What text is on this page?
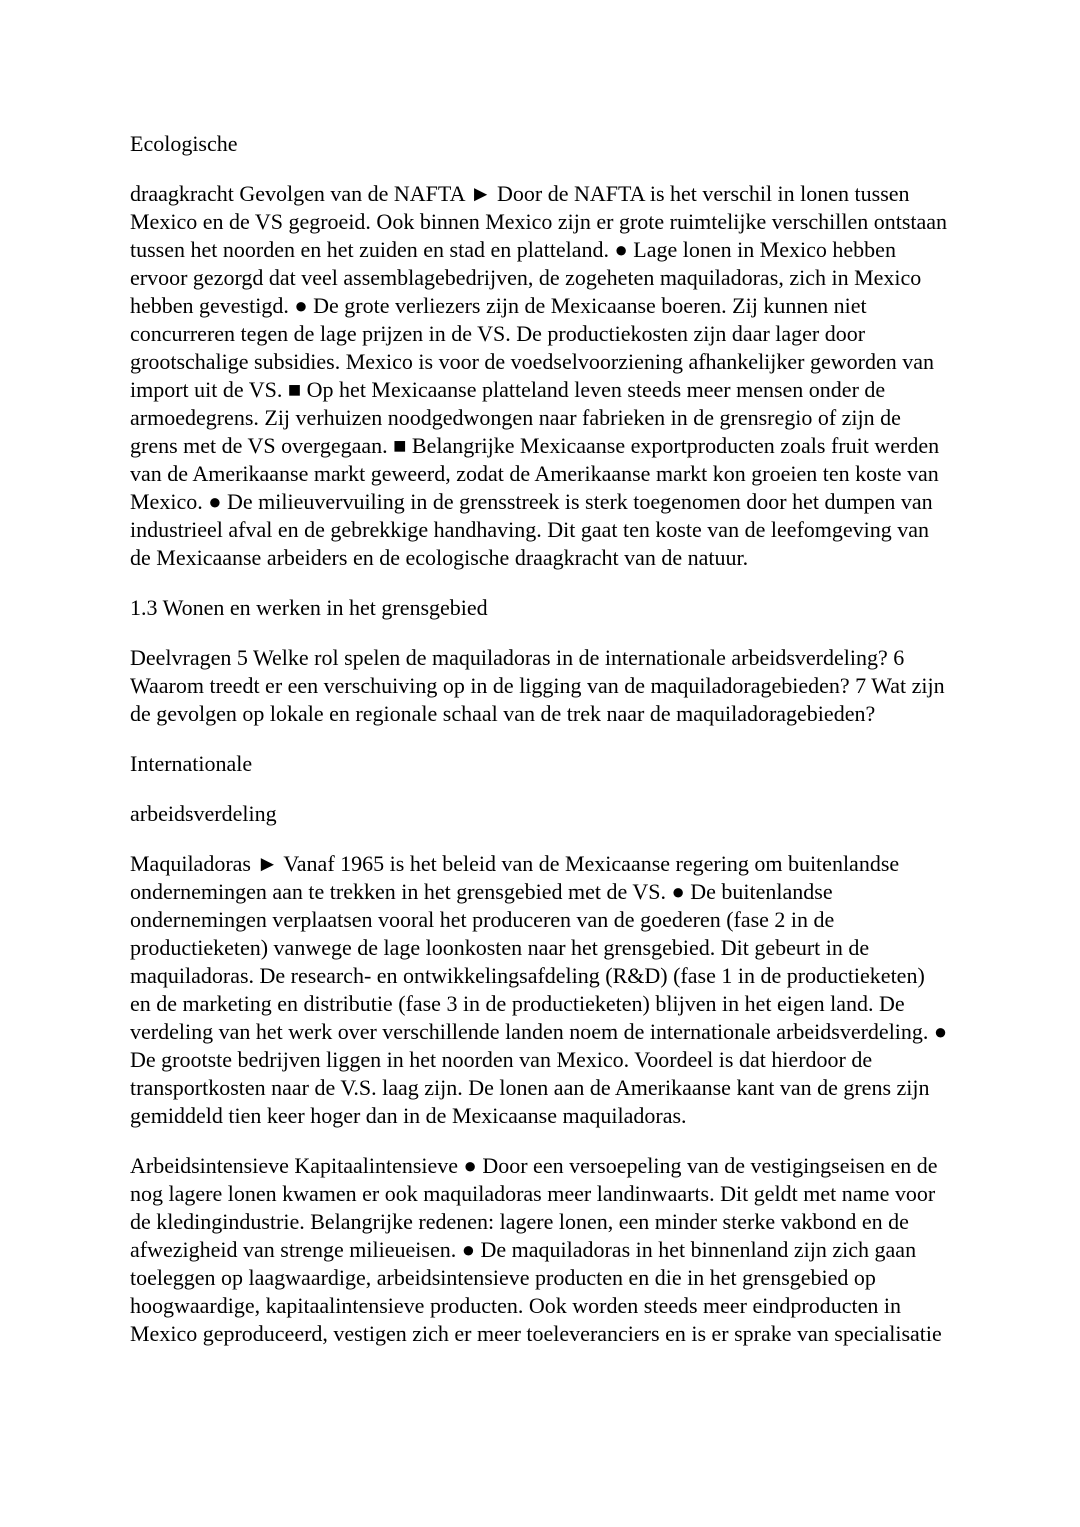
Ecologische

draagkracht Gevolgen van de NAFTA ► Door de NAFTA is het verschil in lonen tussen Mexico en de VS gegroeid. Ook binnen Mexico zijn er grote ruimtelijke verschillen ontstaan tussen het noorden en het zuiden en stad en platteland. ● Lage lonen in Mexico hebben ervoor gezorgd dat veel assemblagebedrijven, de zogeheten maquiladoras, zich in Mexico hebben gevestigd. ● De grote verliezers zijn de Mexicaanse boeren. Zij kunnen niet concurreren tegen de lage prijzen in de VS. De productiekosten zijn daar lager door grootschalige subsidies. Mexico is voor de voedselvoorziening afhankelijker geworden van import uit de VS. ■ Op het Mexicaanse platteland leven steeds meer mensen onder de armoedegrens. Zij verhuizen noodgedwongen naar fabrieken in de grensregio of zijn de grens met de VS overgegaan. ■ Belangrijke Mexicaanse exportproducten zoals fruit werden van de Amerikaanse markt geweerd, zodat de Amerikaanse markt kon groeien ten koste van Mexico. ● De milieuvervuiling in de grensstreek is sterk toegenomen door het dumpen van industrieel afval en de gebrekkige handhaving. Dit gaat ten koste van de leefomgeving van de Mexicaanse arbeiders en de ecologische draagkracht van de natuur.

1.3 Wonen en werken in het grensgebied

Deelvragen 5 Welke rol spelen de maquiladoras in de internationale arbeidsverdeling? 6 Waarom treedt er een verschuiving op in de ligging van de maquiladoragebieden? 7 Wat zijn de gevolgen op lokale en regionale schaal van de trek naar de maquiladoragebieden?

Internationale

arbeidsverdeling

Maquiladoras ► Vanaf 1965 is het beleid van de Mexicaanse regering om buitenlandse ondernemingen aan te trekken in het grensgebied met de VS. ● De buitenlandse ondernemingen verplaatsen vooral het produceren van de goederen (fase 2 in de productieketen) vanwege de lage loonkosten naar het grensgebied. Dit gebeurt in de maquiladoras. De research- en ontwikkelingsafdeling (R&D) (fase 1 in de productieketen) en de marketing en distributie (fase 3 in de productieketen) blijven in het eigen land. De verdeling van het werk over verschillende landen noem de internationale arbeidsverdeling. ● De grootste bedrijven liggen in het noorden van Mexico. Voordeel is dat hierdoor de transportkosten naar de V.S. laag zijn. De lonen aan de Amerikaanse kant van de grens zijn gemiddeld tien keer hoger dan in de Mexicaanse maquiladoras.

Arbeidsintensieve Kapitaalintensieve ● Door een versoepeling van de vestigingseisen en de nog lagere lonen kwamen er ook maquiladoras meer landinwaarts. Dit geldt met name voor de kledingindustrie. Belangrijke redenen: lagere lonen, een minder sterke vakbond en de afwezigheid van strenge milieueisen. ● De maquiladoras in het binnenland zijn zich gaan toeleggen op laagwaardige, arbeidsintensieve producten en die in het grensgebied op hoogwaardige, kapitaalintensieve producten. Ook worden steeds meer eindproducten in Mexico geproduceerd, vestigen zich er meer toeleveranciers en is er sprake van specialisatie
